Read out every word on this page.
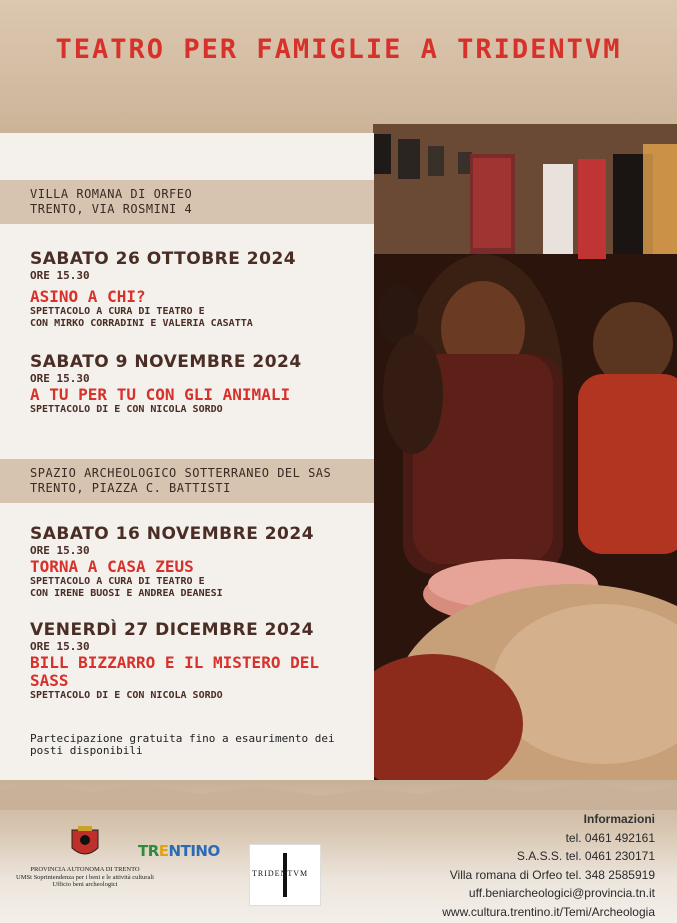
TEATRO PER FAMIGLIE A TRIDENTVM
VILLA ROMANA DI ORFEO
TRENTO, VIA ROSMINI 4
SABATO 26 OTTOBRE 2024
ORE 15.30
ASINO A CHI?
SPETTACOLO A CURA DI TEATRO E
CON MIRKO CORRADINI E VALERIA CASATTA
SABATO 9 NOVEMBRE 2024
ORE 15.30
A TU PER TU CON GLI ANIMALI
SPETTACOLO DI E CON NICOLA SORDO
SPAZIO ARCHEOLOGICO SOTTERRANEO DEL SAS
TRENTO, PIAZZA C. BATTISTI
SABATO 16 NOVEMBRE 2024
ORE 15.30
TORNA A CASA ZEUS
SPETTACOLO A CURA DI TEATRO E
CON IRENE BUOSI E ANDREA DEANESI
VENERDÌ 27 DICEMBRE 2024
ORE 15.30
BILL BIZZARRO E IL MISTERO DEL
SASS
SPETTACOLO DI E CON NICOLA SORDO
Partecipazione gratuita fino a esaurimento dei
posti disponibili
Informazioni
tel. 0461 492161
S.A.S.S. tel. 0461 230171
Villa romana di Orfeo tel. 348 2585919
uff.beniarcheologici@provincia.tn.it
www.cultura.trentino.it/Temi/Archeologia
PROVINCIA AUTONOMA DI TRENTO
UMSt Soprintendenza per i beni e le attività culturali
Ufficio beni archeologici
TRENTINO
TRIDENTVM
